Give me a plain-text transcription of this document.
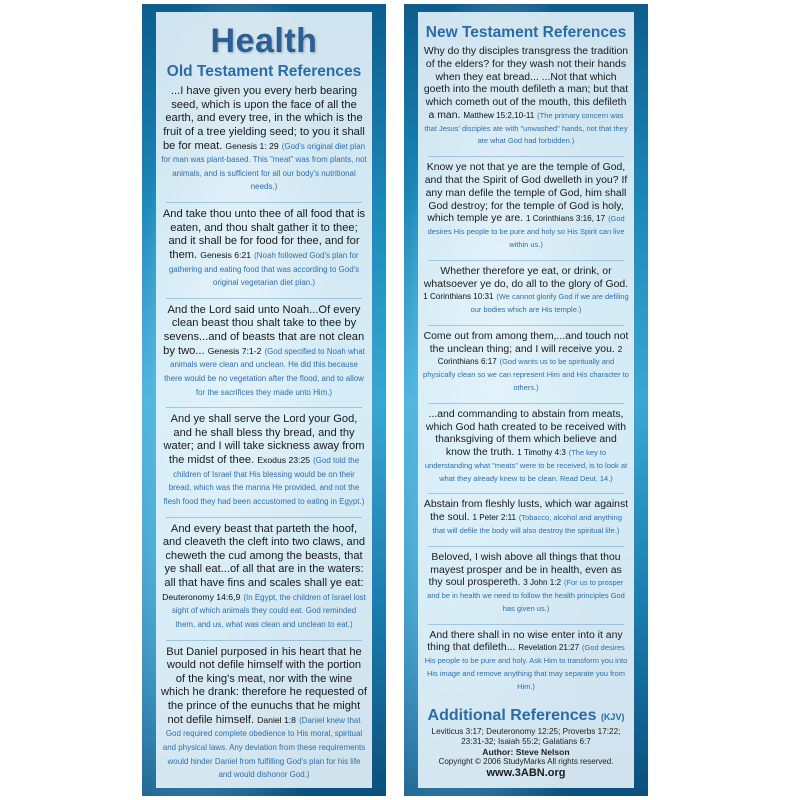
Health
Old Testament References

...I have given you every herb bearing seed, which is upon the face of all the earth, and every tree, in the which is the fruit of a tree yielding seed; to you it shall be for meat. Genesis 1: 29 (God's original diet plan for man was plant-based. This "meat" was from plants, not animals, and is sufficient for all our body's nutritional needs.)

And take thou unto thee of all food that is eaten, and thou shalt gather it to thee; and it shall be for food for thee, and for them. Genesis 6:21 (Noah followed God's plan for gathering and eating food that was according to God's original vegetarian diet plan.)

And the Lord said unto Noah...Of every clean beast thou shalt take to thee by sevens...and of beasts that are not clean by two... Genesis 7:1-2 (God specified to Noah what animals were clean and unclean. He did this because there would be no vegetation after the flood, and to allow for the sacrifices they made unto Him.)

And ye shall serve the Lord your God, and he shall bless thy bread, and thy water; and I will take sickness away from the midst of thee. Exodus 23:25 (God told the children of Israel that His blessing would be on their bread, which was the manna He provided, and not the flesh food they had been accustomed to eating in Egypt.)

And every beast that parteth the hoof, and cleaveth the cleft into two claws, and cheweth the cud among the beasts, that ye shall eat...of all that are in the waters: all that have fins and scales shall ye eat: Deuteronomy 14:6,9 (In Egypt, the children of Israel lost sight of which animals they could eat. God reminded them, and us, what was clean and unclean to eat.)

But Daniel purposed in his heart that he would not defile himself with the portion of the king's meat, nor with the wine which he drank: therefore he requested of the prince of the eunuchs that he might not defile himself. Daniel 1:8 (Daniel knew that God required complete obedience to His moral, spiritual and physical laws. Any deviation from these requirements would hinder Daniel from fulfilling God's plan for his life and would dishonor God.)

New Testament References

Why do thy disciples transgress the tradition of the elders? for they wash not their hands when they eat bread... ...Not that which goeth into the mouth defileth a man; but that which cometh out of the mouth, this defileth a man. Matthew 15:2,10-11 (The primary concern was that Jesus' disciples ate with "unwashed" hands, not that they ate what God had forbidden.)

Know ye not that ye are the temple of God, and that the Spirit of God dwelleth in you? If any man defile the temple of God, him shall God destroy; for the temple of God is holy, which temple ye are. 1 Corinthians 3:16, 17 (God desires His people to be pure and holy so His Spirit can live within us.)

Whether therefore ye eat, or drink, or whatsoever ye do, do all to the glory of God. 1 Corinthians 10:31 (We cannot glorify God if we are defiling our bodies which are His temple.)

Come out from among them,...and touch not the unclean thing; and I will receive you. 2 Corinthians 6:17 (God wants us to be spiritually and physically clean so we can represent Him and His character to others.)

...and commanding to abstain from meats, which God hath created to be received with thanksgiving of them which believe and know the truth. 1 Timothy 4:3 (The key to understanding what "meats" were to be received, is to look at what they already knew to be clean. Read Deut. 14.)

Abstain from fleshly lusts, which war against the soul. 1 Peter 2:11 (Tobacco, alcohol and anything that will defile the body will also destroy the spiritual life.)

Beloved, I wish above all things that thou mayest prosper and be in health, even as thy soul prospereth. 3 John 1:2 (For us to prosper and be in health we need to follow the health principles God has given us.)

And there shall in no wise enter into it any thing that defileth... Revelation 21:27 (God desires His people to be pure and holy. Ask Him to transform you into His image and remove anything that may separate you from Him.)

Additional References (KJV)
Leviticus 3:17; Deuteronomy 12:25; Proverbs 17:22; 23:31-32; Isaiah 55:2; Galatians 6:7
Author: Steve Nelson
Copyright © 2006 StudyMarks All rights reserved.
www.3ABN.org
